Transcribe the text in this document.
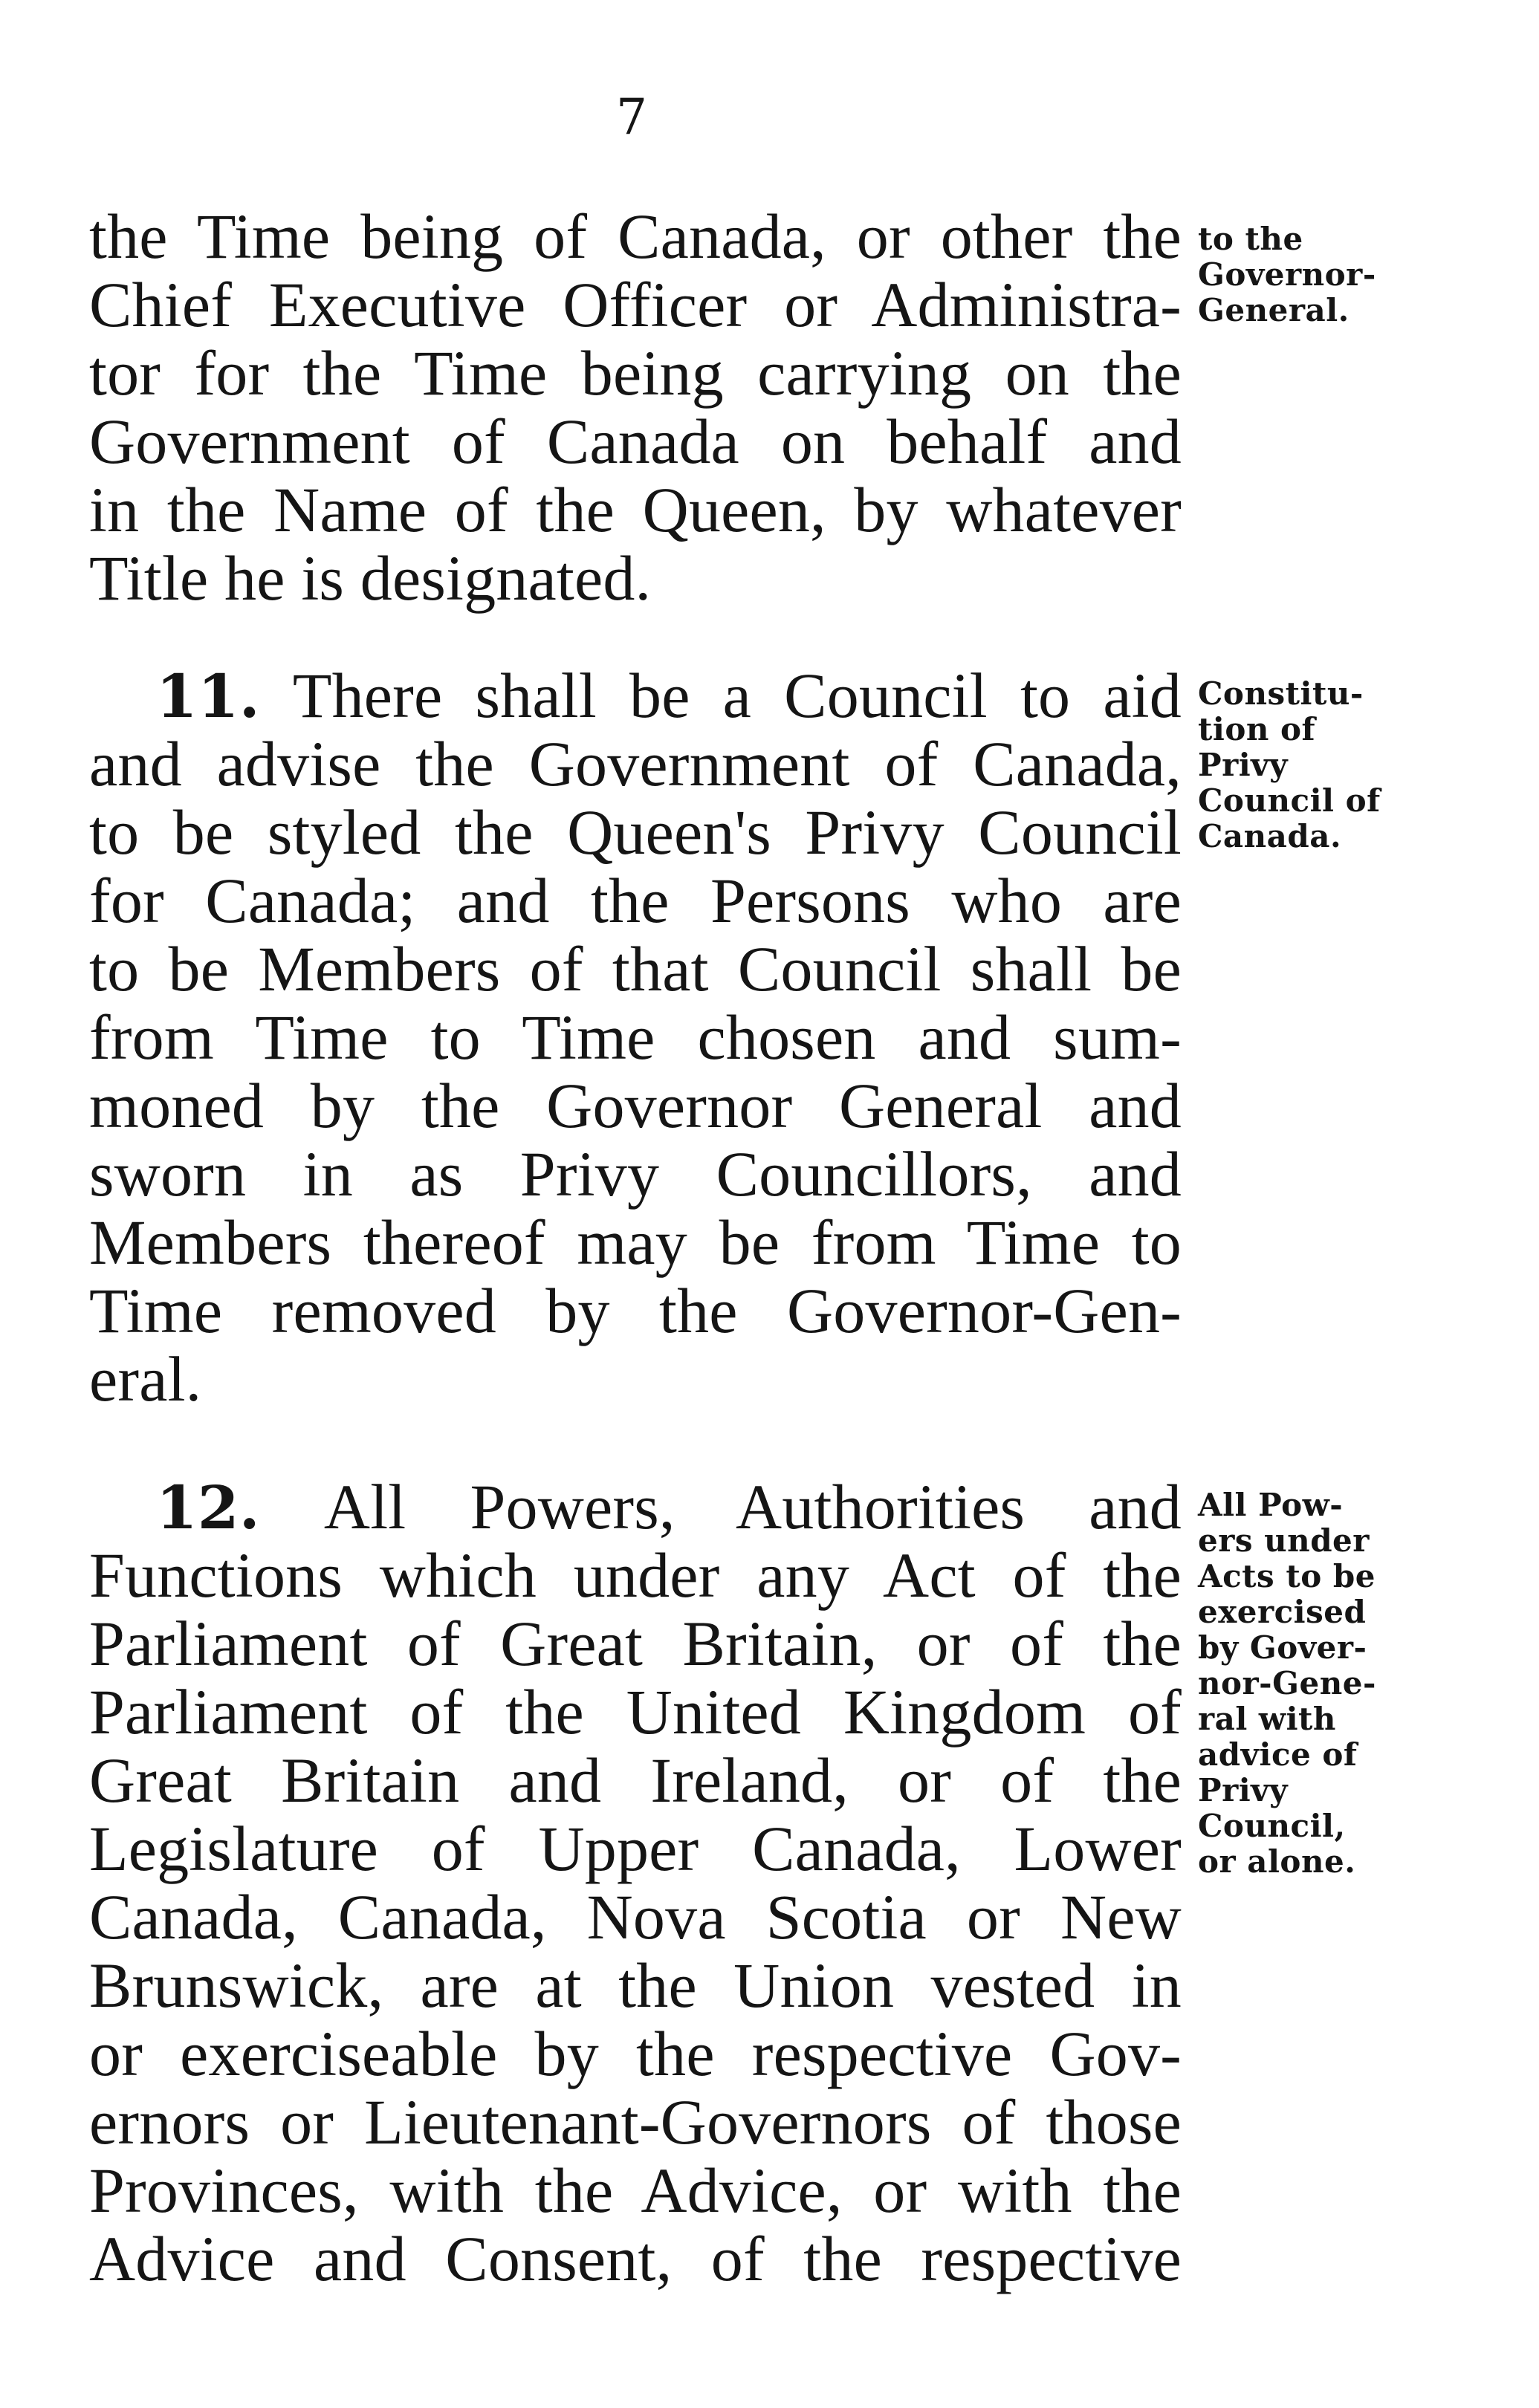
7
the Time being of Canada, or other the
Chief Executive Officer or Administra-
tor for the Time being carrying on the
Government of Canada on behalf and
in the Name of the Queen, by whatever
Title he is designated.
to the
Governor-
General.
11. There shall be a Council to aid
and advise the Government of Canada,
to be styled the Queen's Privy Council
for Canada; and the Persons who are
to be Members of that Council shall be
from Time to Time chosen and sum-
moned by the Governor General and
sworn in as Privy Councillors, and
Members thereof may be from Time to
Time removed by the Governor-Gen-
eral.
Constitu-
tion of
Privy
Council of
Canada.
12. All Powers, Authorities and
Functions which under any Act of the
Parliament of Great Britain, or of the
Parliament of the United Kingdom of
Great Britain and Ireland, or of the
Legislature of Upper Canada, Lower
Canada, Canada, Nova Scotia or New
Brunswick, are at the Union vested in
or exerciseable by the respective Gov-
ernors or Lieutenant-Governors of those
Provinces, with the Advice, or with the
Advice and Consent, of the respective
All Pow-
ers under
Acts to be
exercised
by Gover-
nor-Gene-
ral with
advice of
Privy
Council,
or alone.
